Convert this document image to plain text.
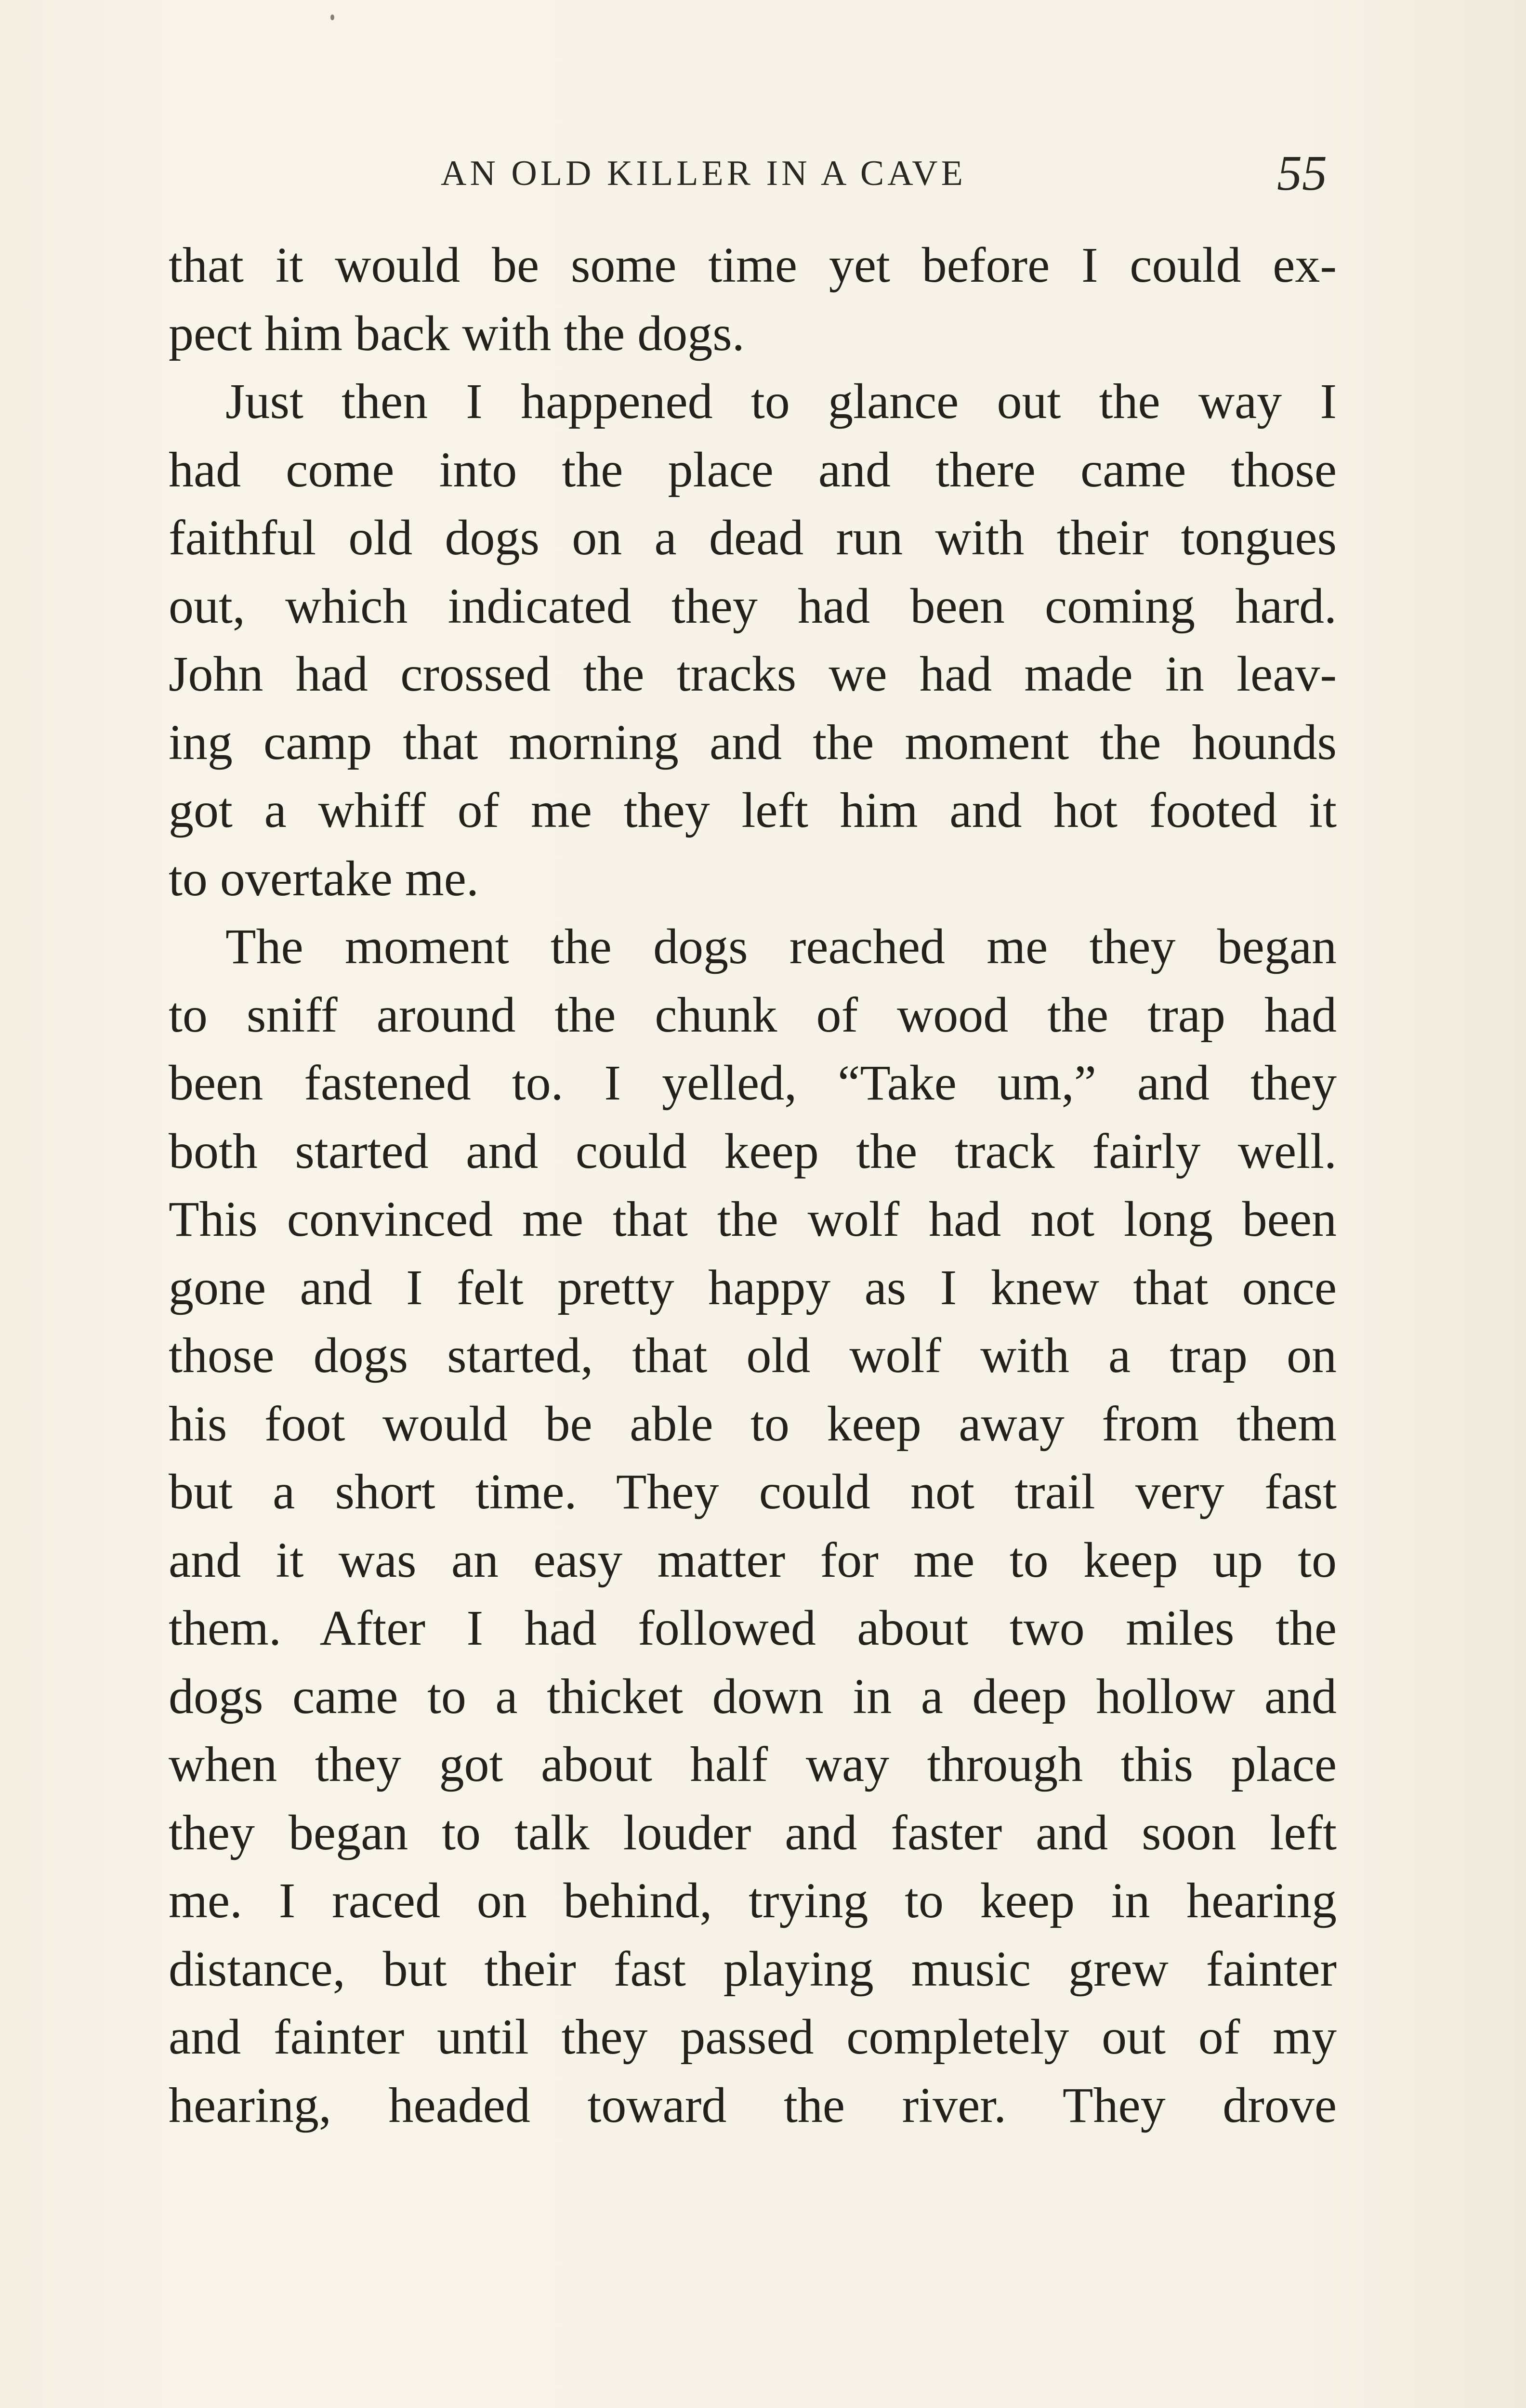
AN OLD KILLER IN A CAVE	55
that it would be some time yet before I could ex-
pect him back with the dogs.
Just then I happened to glance out the way I
had come into the place and there came those
faithful old dogs on a dead run with their tongues
out, which indicated they had been coming hard.
John had crossed the tracks we had made in leav-
ing camp that morning and the moment the hounds
got a whiff of me they left him and hot footed it
to overtake me.
The moment the dogs reached me they began
to sniff around the chunk of wood the trap had
been fastened to. I yelled, “Take um,” and they
both started and could keep the track fairly well.
This convinced me that the wolf had not long been
gone and I felt pretty happy as I knew that once
those dogs started, that old wolf with a trap on
his foot would be able to keep away from them
but a short time. They could not trail very fast
and it was an easy matter for me to keep up to
them. After I had followed about two miles the
dogs came to a thicket down in a deep hollow and
when they got about half way through this place
they began to talk louder and faster and soon left
me. I raced on behind, trying to keep in hearing
distance, but their fast playing music grew fainter
and fainter until they passed completely out of my
hearing, headed toward the river. They drove
